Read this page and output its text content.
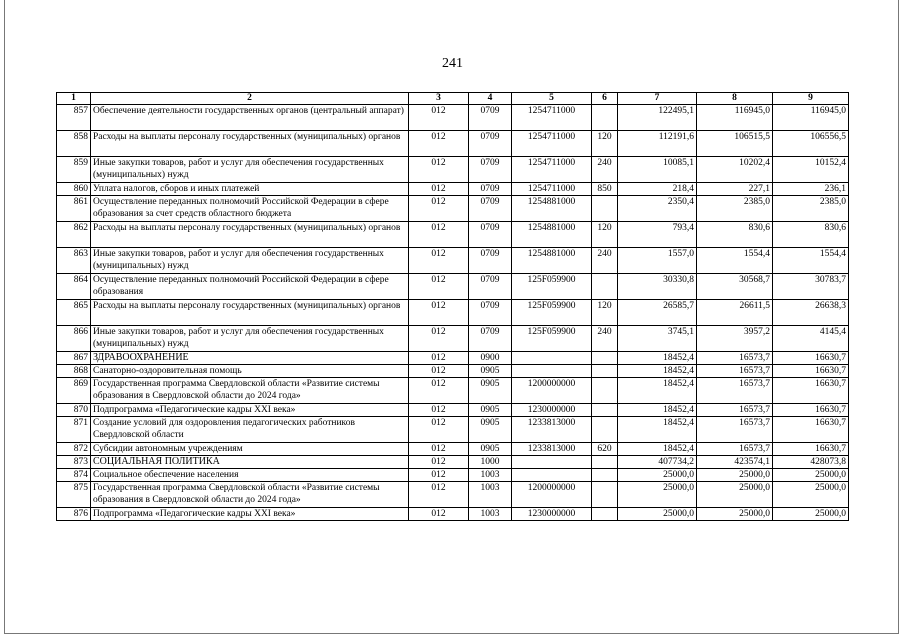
241
1	2	3	4	5	6	7	8	9
857	Обеспечение деятельности государственных органов (центральный аппарат)	012	0709	1254711000		122495,1	116945,0	116945,0
858	Расходы на выплаты персоналу государственных (муниципальных) органов	012	0709	1254711000	120	112191,6	106515,5	106556,5
859	Иные закупки товаров, работ и услуг для обеспечения государственных (муниципальных) нужд	012	0709	1254711000	240	10085,1	10202,4	10152,4
860	Уплата налогов, сборов и иных платежей	012	0709	1254711000	850	218,4	227,1	236,1
861	Осуществление переданных полномочий Российской Федерации в сфере образования за счет средств областного бюджета	012	0709	1254881000		2350,4	2385,0	2385,0
862	Расходы на выплаты персоналу государственных (муниципальных) органов	012	0709	1254881000	120	793,4	830,6	830,6
863	Иные закупки товаров, работ и услуг для обеспечения государственных (муниципальных) нужд	012	0709	1254881000	240	1557,0	1554,4	1554,4
864	Осуществление переданных полномочий Российской Федерации в сфере образования	012	0709	125F059900		30330,8	30568,7	30783,7
865	Расходы на выплаты персоналу государственных (муниципальных) органов	012	0709	125F059900	120	26585,7	26611,5	26638,3
866	Иные закупки товаров, работ и услуг для обеспечения государственных (муниципальных) нужд	012	0709	125F059900	240	3745,1	3957,2	4145,4
867	ЗДРАВООХРАНЕНИЕ	012	0900			18452,4	16573,7	16630,7
868	Санаторно-оздоровительная помощь	012	0905			18452,4	16573,7	16630,7
869	Государственная программа Свердловской области «Развитие системы образования в Свердловской области до 2024 года»	012	0905	1200000000		18452,4	16573,7	16630,7
870	Подпрограмма «Педагогические кадры XXI века»	012	0905	1230000000		18452,4	16573,7	16630,7
871	Создание условий для оздоровления педагогических работников Свердловской области	012	0905	1233813000		18452,4	16573,7	16630,7
872	Субсидии автономным учреждениям	012	0905	1233813000	620	18452,4	16573,7	16630,7
873	СОЦИАЛЬНАЯ ПОЛИТИКА	012	1000			407734,2	423574,1	428073,8
874	Социальное обеспечение населения	012	1003			25000,0	25000,0	25000,0
875	Государственная программа Свердловской области «Развитие системы образования в Свердловской области до 2024 года»	012	1003	1200000000		25000,0	25000,0	25000,0
876	Подпрограмма «Педагогические кадры XXI века»	012	1003	1230000000		25000,0	25000,0	25000,0
